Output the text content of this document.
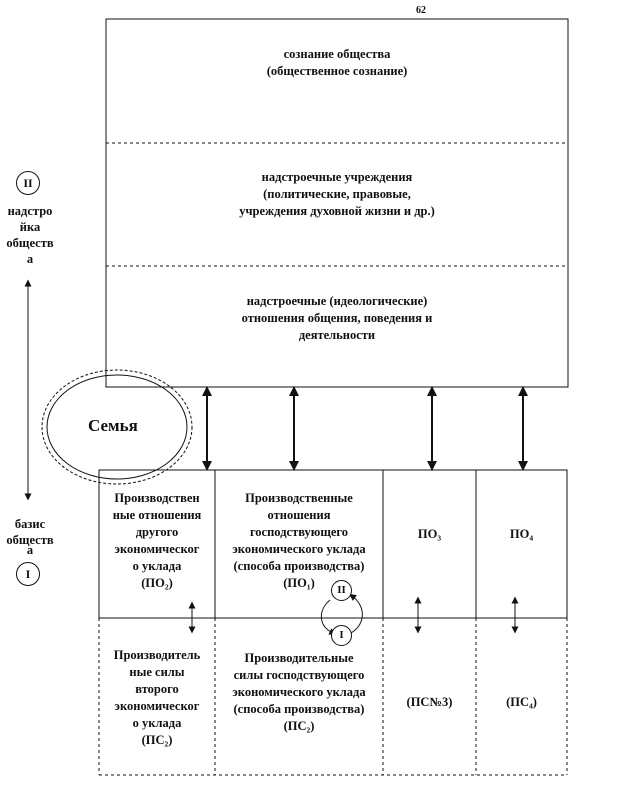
62
сознание общества
(общественное сознание)
надстроечные учреждения
(политические, правовые,
учреждения духовной жизни и др.)
надстроечные (идеологические)
отношения общения, поведения и
деятельности
II
надстро
йка
обществ
а
базис
обществ
а
I
Семья
Производствен
ные отношения
другого
экономическог
о уклада
(ПО₂)
Производственные
отношения
господствующего
экономического уклада
(способа производства)
(ПО₁)
ПО₃	ПО₄
II
I
Производитель
ные силы
второго
экономическог
о уклада
(ПС₂)
Производительные
силы господствующего
экономического уклада
(способа производства)
(ПС₂)
(ПС№3)	(ПС₄)
